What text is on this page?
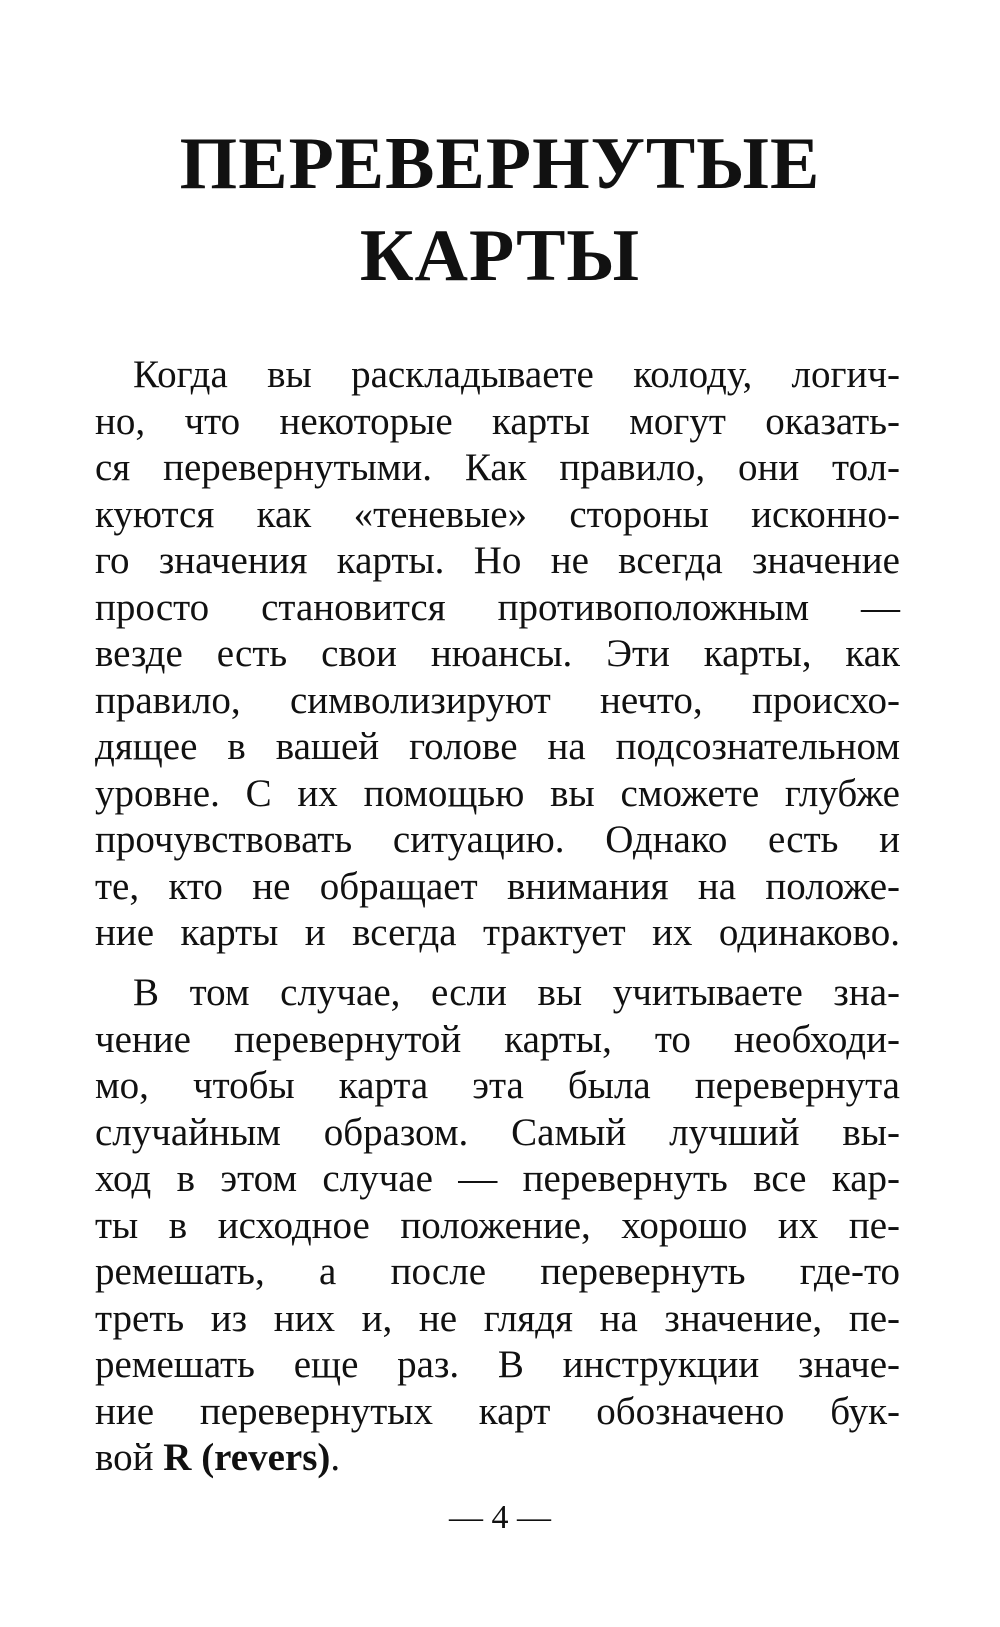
ПЕРЕВЕРНУТЫЕ
КАРТЫ
Когда вы раскладываете колоду, логич-
но, что некоторые карты могут оказать-
ся перевернутыми. Как правило, они тол-
куются как «теневые» стороны исконно-
го значения карты. Но не всегда значение
просто становится противоположным —
везде есть свои нюансы. Эти карты, как
правило, символизируют нечто, происхо-
дящее в вашей голове на подсознательном
уровне. С их помощью вы сможете глубже
прочувствовать ситуацию. Однако есть и
те, кто не обращает внимания на положе-
ние карты и всегда трактует их одинаково.
В том случае, если вы учитываете зна-
чение перевернутой карты, то необходи-
мо, чтобы карта эта была перевернута
случайным образом. Самый лучший вы-
ход в этом случае — перевернуть все кар-
ты в исходное положение, хорошо их пе-
ремешать, а после перевернуть где-то
треть из них и, не глядя на значение, пе-
ремешать еще раз. В инструкции значе-
ние перевернутых карт обозначено бук-
вой R (revers).
— 4 —
